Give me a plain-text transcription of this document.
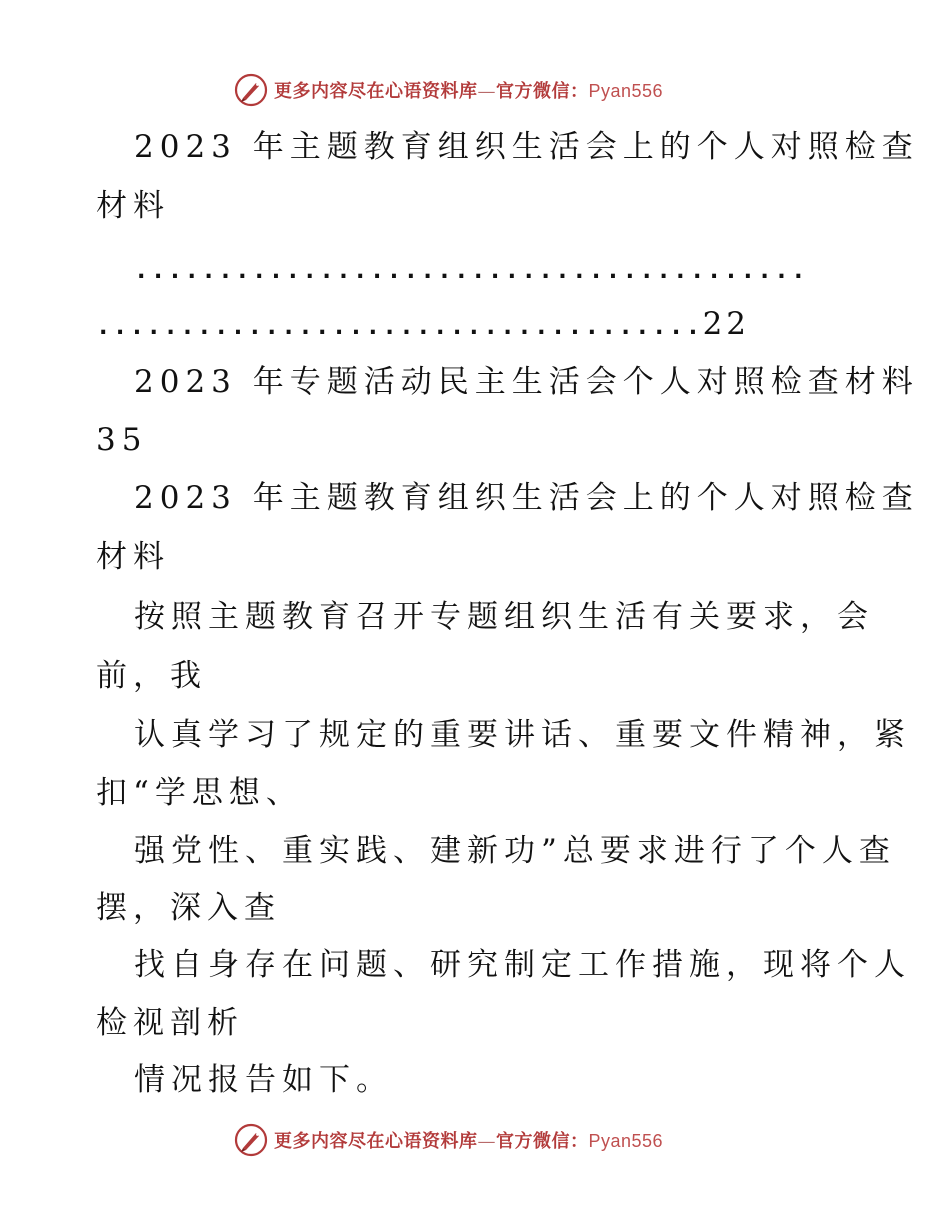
更多内容尽在心语资料库—官方微信：Pyan556
2023 年主题教育组织生活会上的个人对照检查
材料
........................................
....................................22
2023 年专题活动民主生活会个人对照检查材料
35
2023 年主题教育组织生活会上的个人对照检查
材料
按照主题教育召开专题组织生活有关要求，会
前，我
认真学习了规定的重要讲话、重要文件精神，紧
扣“学思想、
强党性、重实践、建新功”总要求进行了个人查
摆，深入查
找自身存在问题、研究制定工作措施，现将个人
检视剖析
情况报告如下。
更多内容尽在心语资料库—官方微信：Pyan556
